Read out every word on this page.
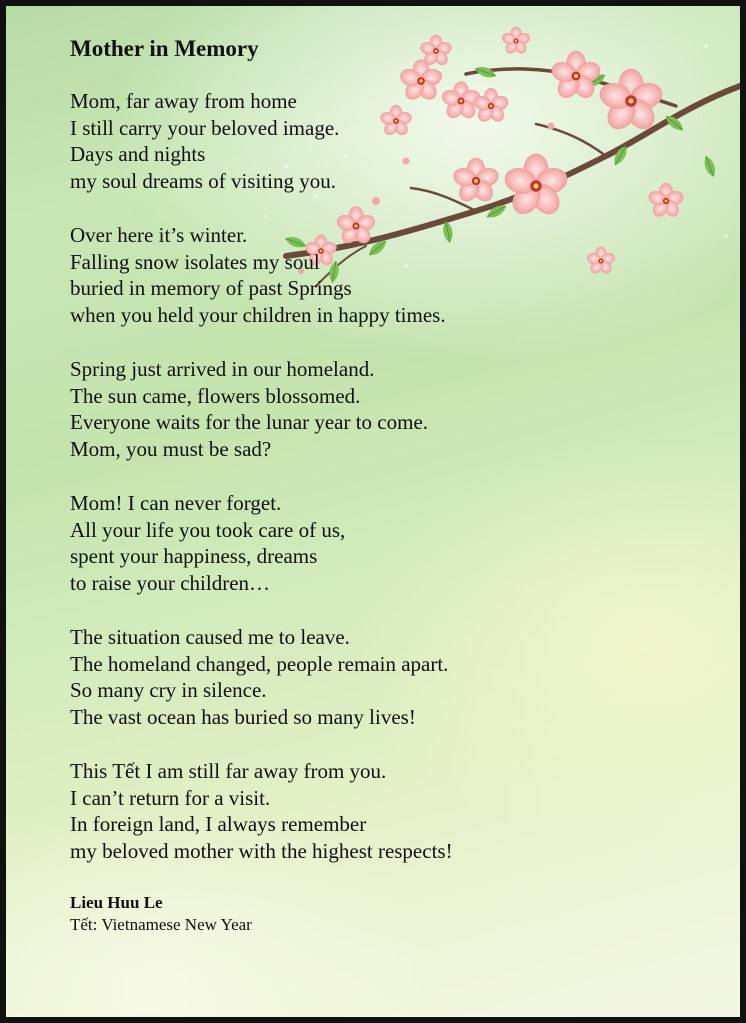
Mother in Memory
Mom, far away from home
I still carry your beloved image.
Days and nights
my soul dreams of visiting you.
Over here it’s winter.
Falling snow isolates my soul
buried in memory of past Springs
when you held your children in happy times.
Spring just arrived in our homeland.
The sun came, flowers blossomed.
Everyone waits for the lunar year to come.
Mom, you must be sad?
Mom! I can never forget.
All your life you took care of us,
spent your happiness, dreams
to raise your children…
The situation caused me to leave.
The homeland changed, people remain apart.
So many cry in silence.
The vast ocean has buried so many lives!
This Tết I am still far away from you.
I can’t return for a visit.
In foreign land, I always remember
my beloved mother with the highest respects!
Lieu Huu Le
Tết: Vietnamese New Year
